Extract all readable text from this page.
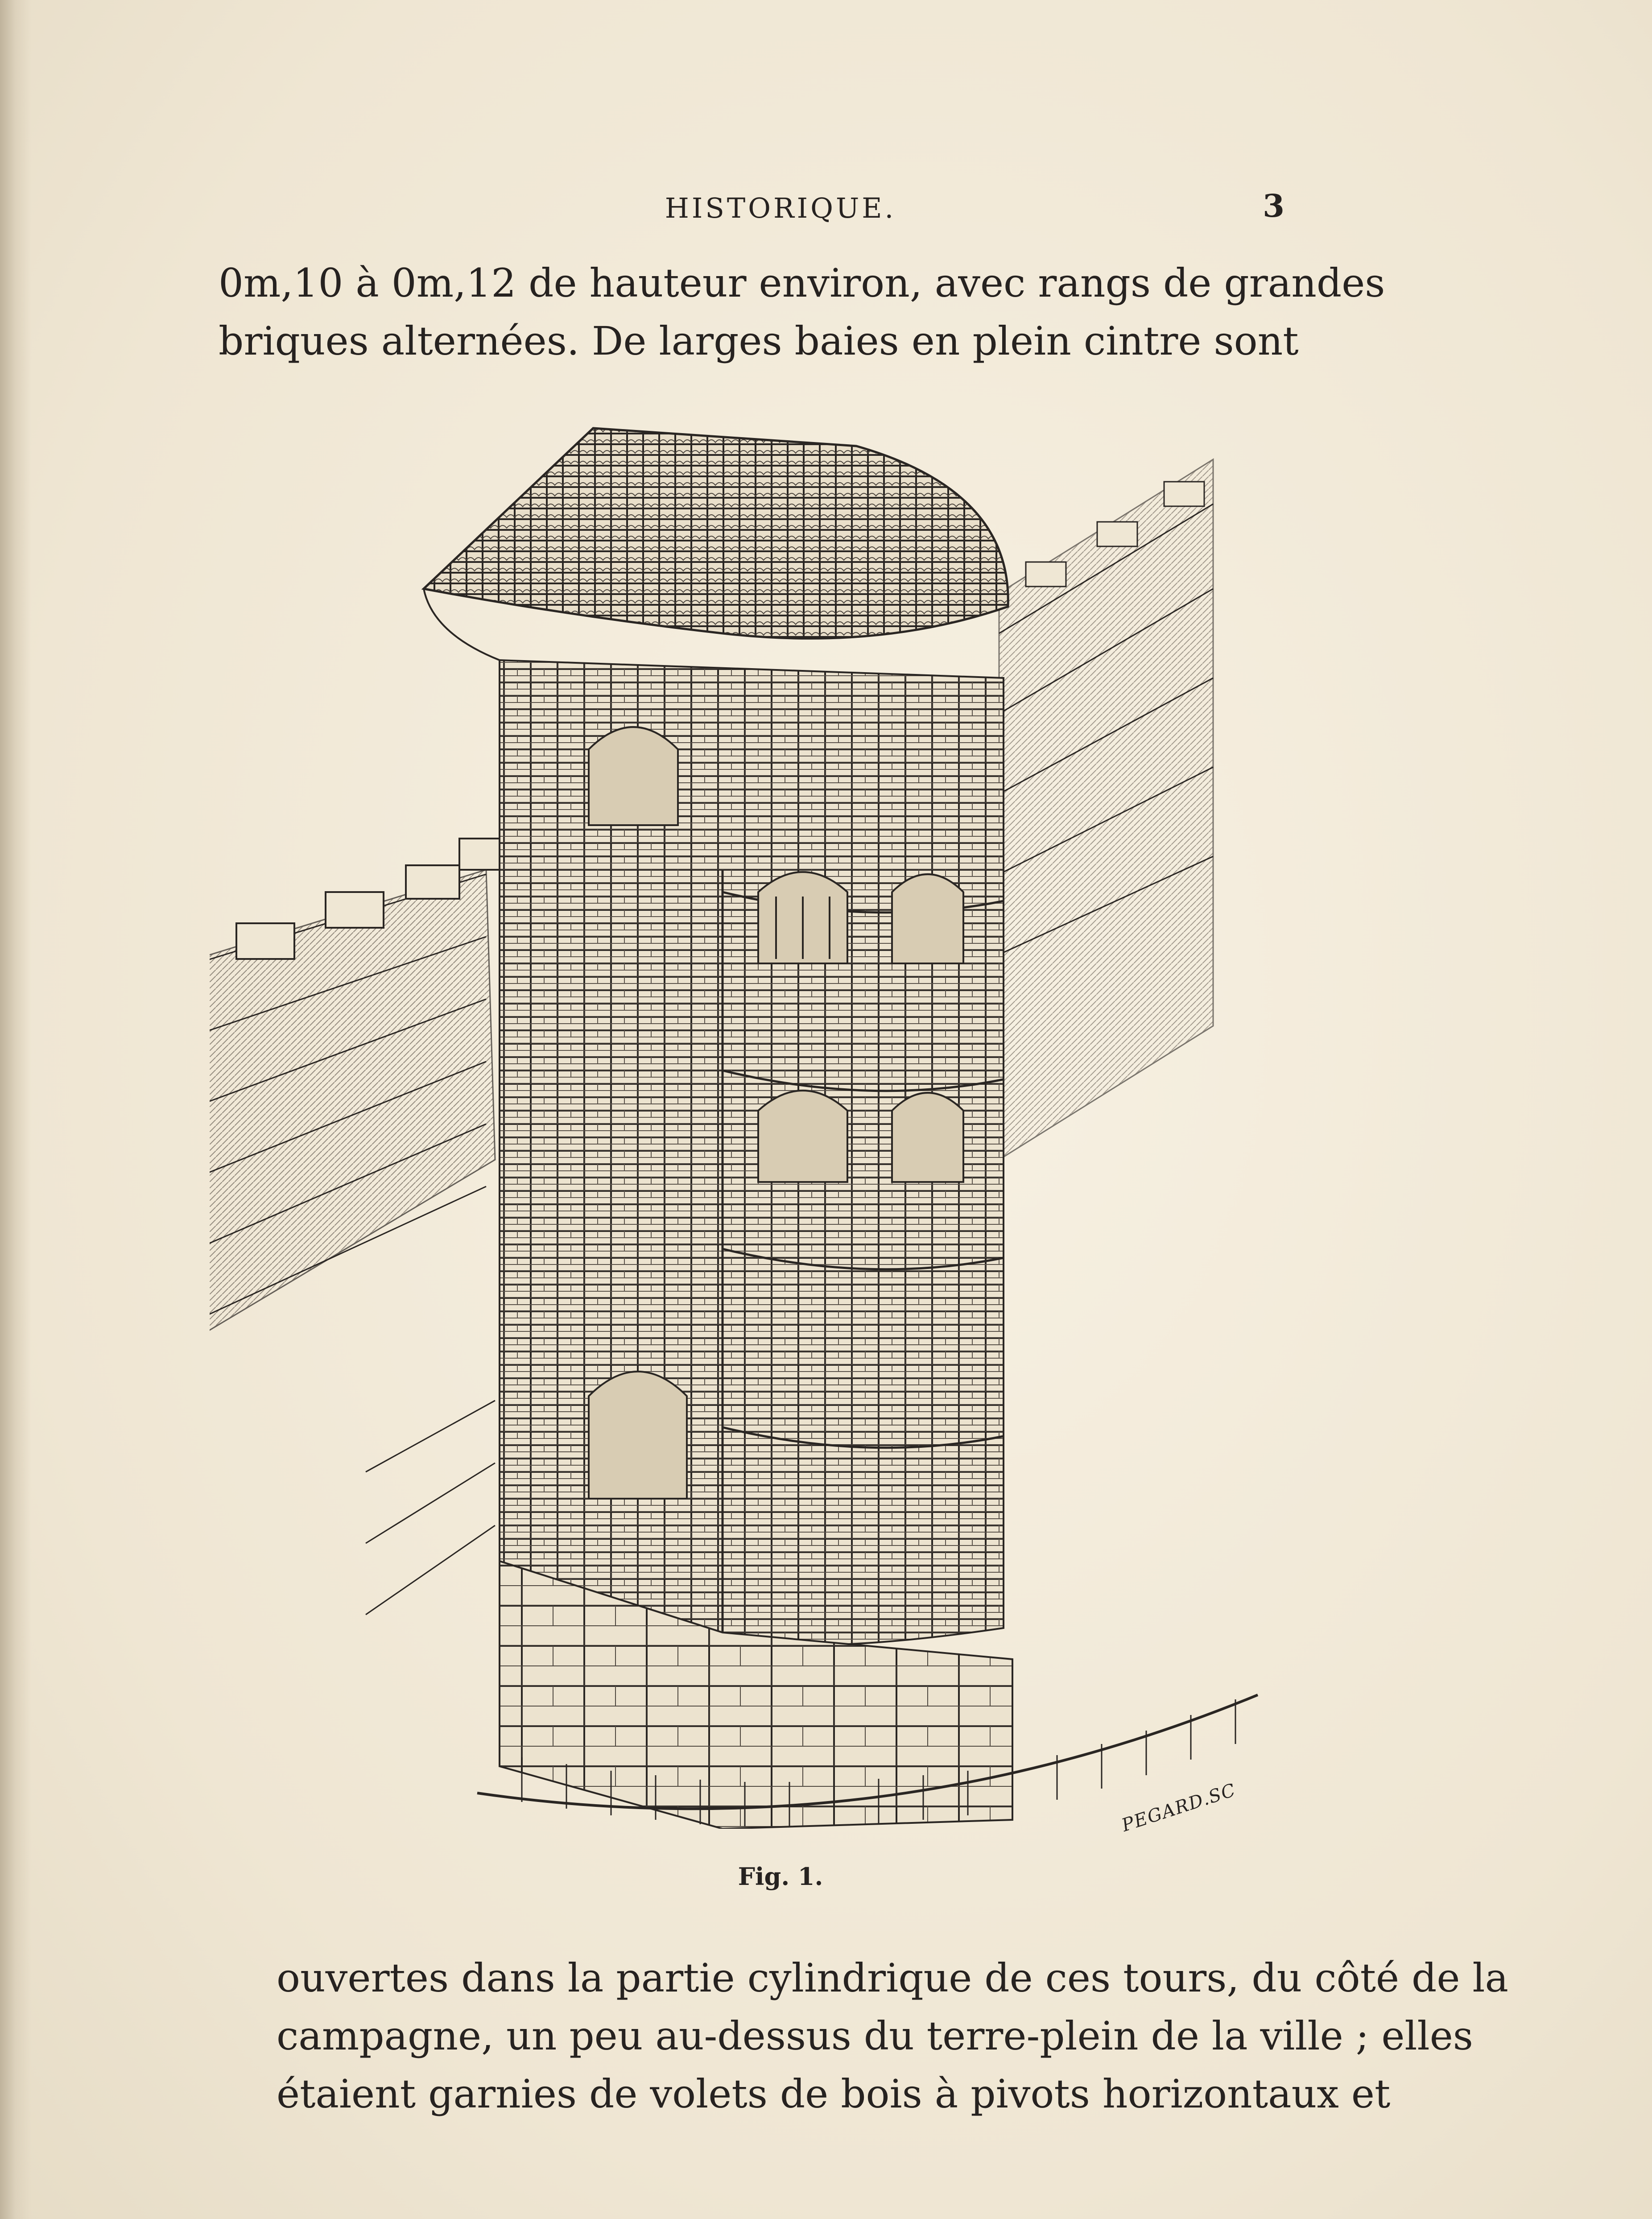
HISTORIQUE.	3
0m,10 à 0m,12 de hauteur environ, avec rangs de grandes
briques alternées. De larges baies en plein cintre sont
PEGARD.SC
Fig. 1.
ouvertes dans la partie cylindrique de ces tours, du côté de la
campagne, un peu au-dessus du terre-plein de la ville ; elles
étaient garnies de volets de bois à pivots horizontaux et
